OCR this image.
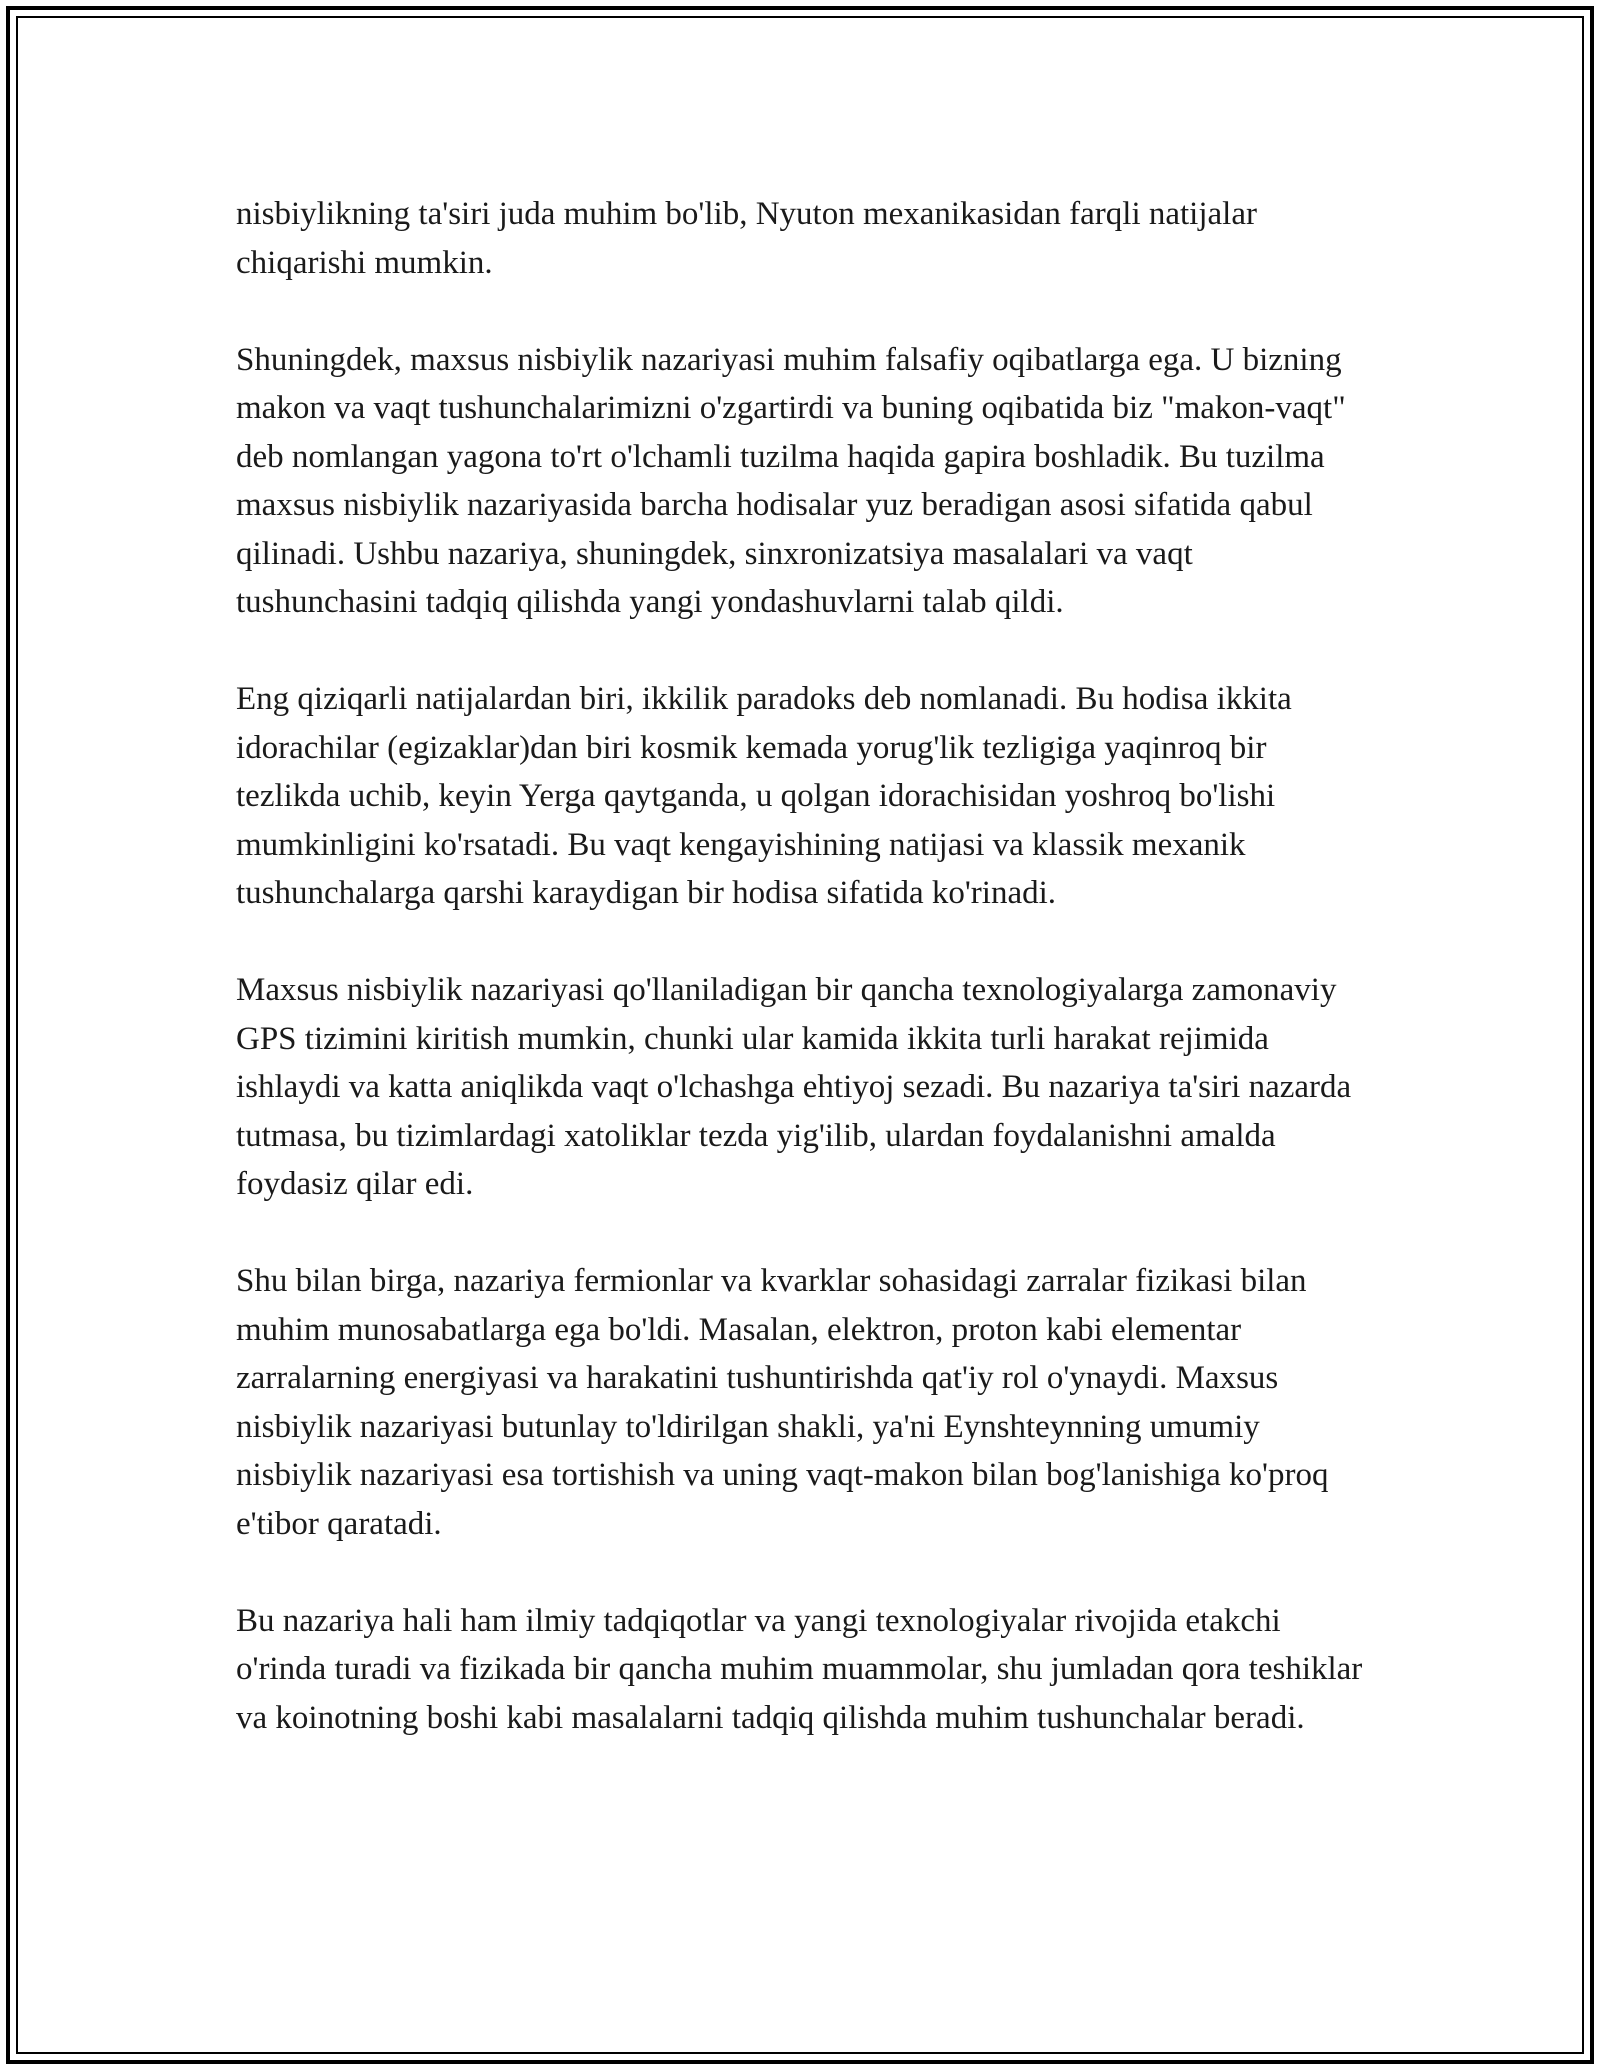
nisbiylikning ta'siri juda muhim bo'lib, Nyuton mexanikasidan farqli natijalar chiqarishi mumkin.

Shuningdek, maxsus nisbiylik nazariyasi muhim falsafiy oqibatlarga ega. U bizning makon va vaqt tushunchalarimizni o'zgartirdi va buning oqibatida biz "makon-vaqt" deb nomlangan yagona to'rt o'lchamli tuzilma haqida gapira boshladik. Bu tuzilma maxsus nisbiylik nazariyasida barcha hodisalar yuz beradigan asosi sifatida qabul qilinadi. Ushbu nazariya, shuningdek, sinxronizatsiya masalalari va vaqt tushunchasini tadqiq qilishda yangi yondashuvlarni talab qildi.

Eng qiziqarli natijalardan biri, ikkilik paradoks deb nomlanadi. Bu hodisa ikkita idorachilar (egizaklar)dan biri kosmik kemada yorug'lik tezligiga yaqinroq bir tezlikda uchib, keyin Yerga qaytganda, u qolgan idorachisidan yoshroq bo'lishi mumkinligini ko'rsatadi. Bu vaqt kengayishining natijasi va klassik mexanik tushunchalarga qarshi karaydigan bir hodisa sifatida ko'rinadi.

Maxsus nisbiylik nazariyasi qo'llaniladigan bir qancha texnologiyalarga zamonaviy GPS tizimini kiritish mumkin, chunki ular kamida ikkita turli harakat rejimida ishlaydi va katta aniqlikda vaqt o'lchashga ehtiyoj sezadi. Bu nazariya ta'siri nazarda tutmasa, bu tizimlardagi xatoliklar tezda yig'ilib, ulardan foydalanishni amalda foydasiz qilar edi.

Shu bilan birga, nazariya fermionlar va kvarklar sohasidagi zarralar fizikasi bilan muhim munosabatlarga ega bo'ldi. Masalan, elektron, proton kabi elementar zarralarning energiyasi va harakatini tushuntirishda qat'iy rol o'ynaydi. Maxsus nisbiylik nazariyasi butunlay to'ldirilgan shakli, ya'ni Eynshteynning umumiy nisbiylik nazariyasi esa tortishish va uning vaqt-makon bilan bog'lanishiga ko'proq e'tibor qaratadi.

Bu nazariya hali ham ilmiy tadqiqotlar va yangi texnologiyalar rivojida etakchi o'rinda turadi va fizikada bir qancha muhim muammolar, shu jumladan qora teshiklar va koinotning boshi kabi masalalarni tadqiq qilishda muhim tushunchalar beradi.
